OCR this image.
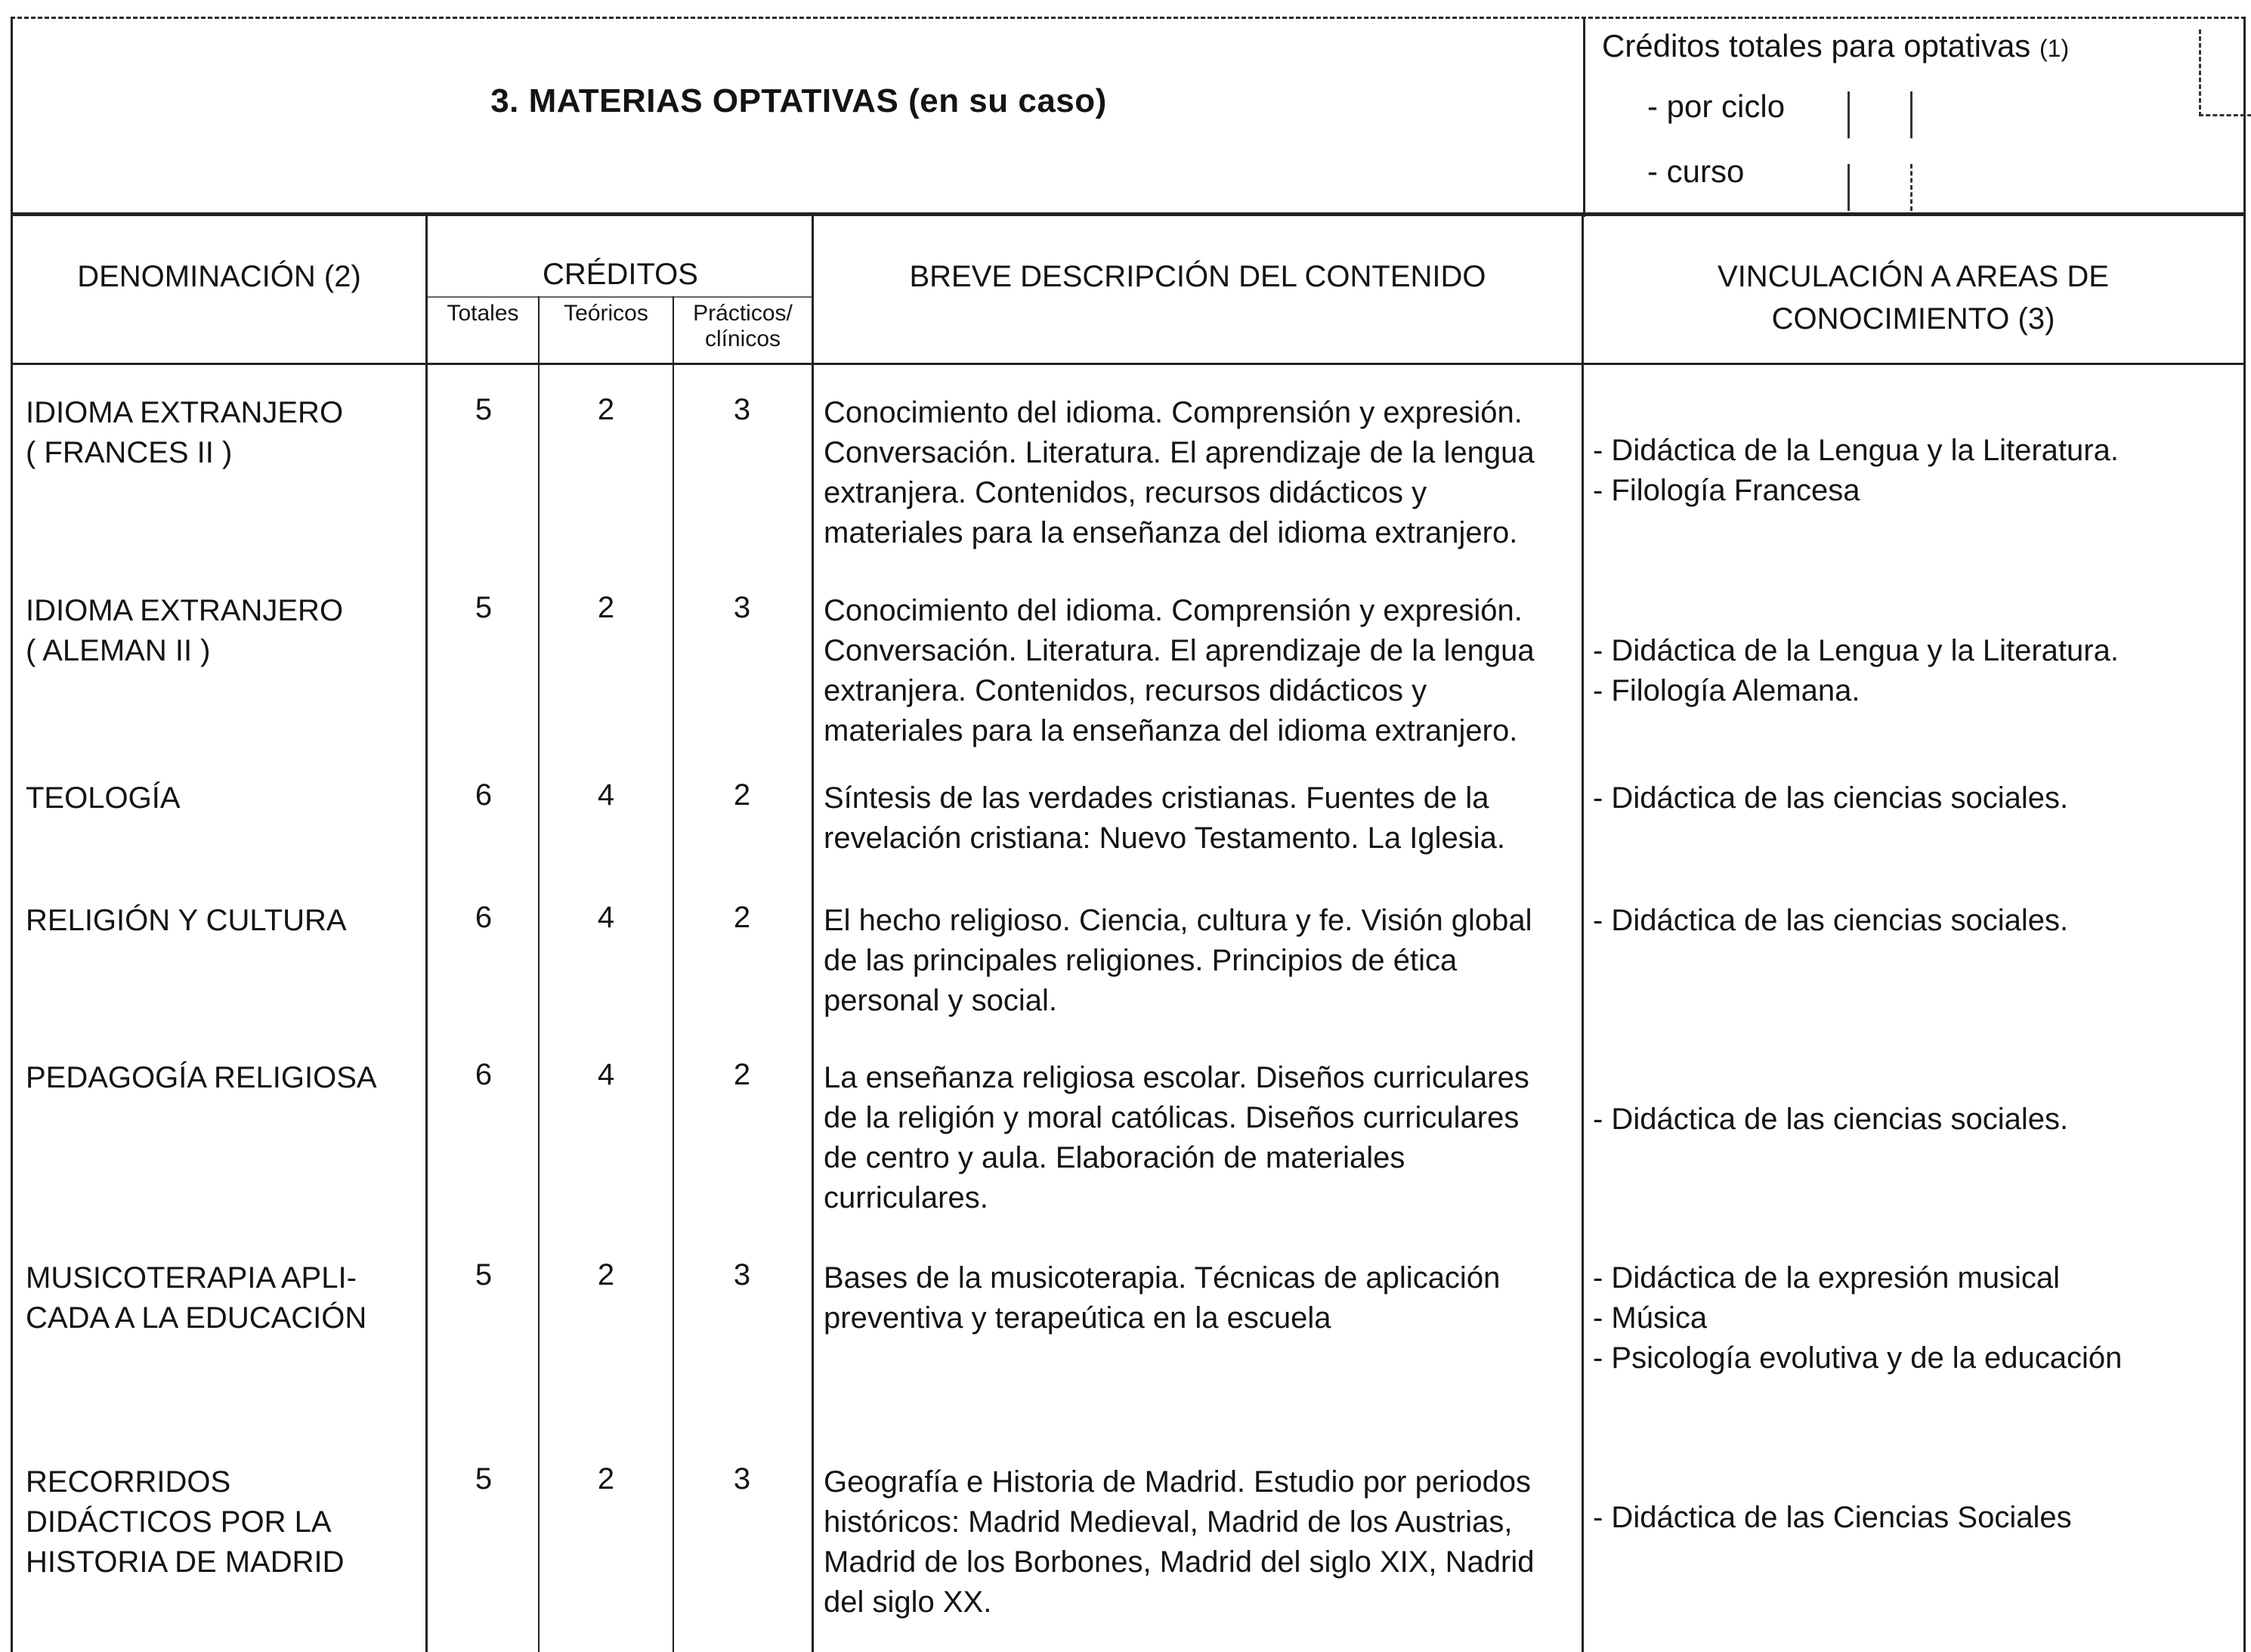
3. MATERIAS OPTATIVAS (en su caso)
Créditos totales para optativas (1)
- por ciclo
- curso
DENOMINACIÓN (2)	CRÉDITOS
Totales	Teóricos	Prácticos/
clínicos
BREVE DESCRIPCIÓN DEL CONTENIDO	VINCULACIÓN A AREAS DE
CONOCIMIENTO (3)
IDIOMA EXTRANJERO
( FRANCES II )
5	2	3	Conocimiento del idioma. Comprensión y expresión.
Conversación. Literatura. El aprendizaje de la lengua
extranjera. Contenidos, recursos didácticos y
materiales para la enseñanza del idioma extranjero.
- Didáctica de la Lengua y la Literatura.
- Filología Francesa
IDIOMA EXTRANJERO
( ALEMAN II )
5	2	3	Conocimiento del idioma. Comprensión y expresión.
Conversación. Literatura. El aprendizaje de la lengua
extranjera. Contenidos, recursos didácticos y
materiales para la enseñanza del idioma extranjero.
- Didáctica de la Lengua y la Literatura.
- Filología Alemana.
TEOLOGÍA	6	4	2	Síntesis de las verdades cristianas. Fuentes de la
revelación cristiana: Nuevo Testamento. La Iglesia.
- Didáctica de las ciencias sociales.
RELIGIÓN Y CULTURA	6	4	2	El hecho religioso. Ciencia, cultura y fe. Visión global
de las principales religiones. Principios de ética
personal y social.
- Didáctica de las ciencias sociales.
PEDAGOGÍA RELIGIOSA	6	4	2	La enseñanza religiosa escolar. Diseños curriculares
de la religión y moral católicas. Diseños curriculares
de centro y aula. Elaboración de materiales
curriculares.
- Didáctica de las ciencias sociales.
MUSICOTERAPIA APLI-
CADA A LA EDUCACIÓN
5	2	3	Bases de la musicoterapia. Técnicas de aplicación
preventiva y terapeútica en la escuela
- Didáctica de la expresión musical
- Música
- Psicología evolutiva y de la educación
RECORRIDOS
DIDÁCTICOS POR LA
HISTORIA DE MADRID
5	2	3	Geografía e Historia de Madrid. Estudio por periodos
históricos: Madrid Medieval, Madrid de los Austrias,
Madrid de los Borbones, Madrid del siglo XIX, Nadrid
del siglo XX.
- Didáctica de las Ciencias Sociales
